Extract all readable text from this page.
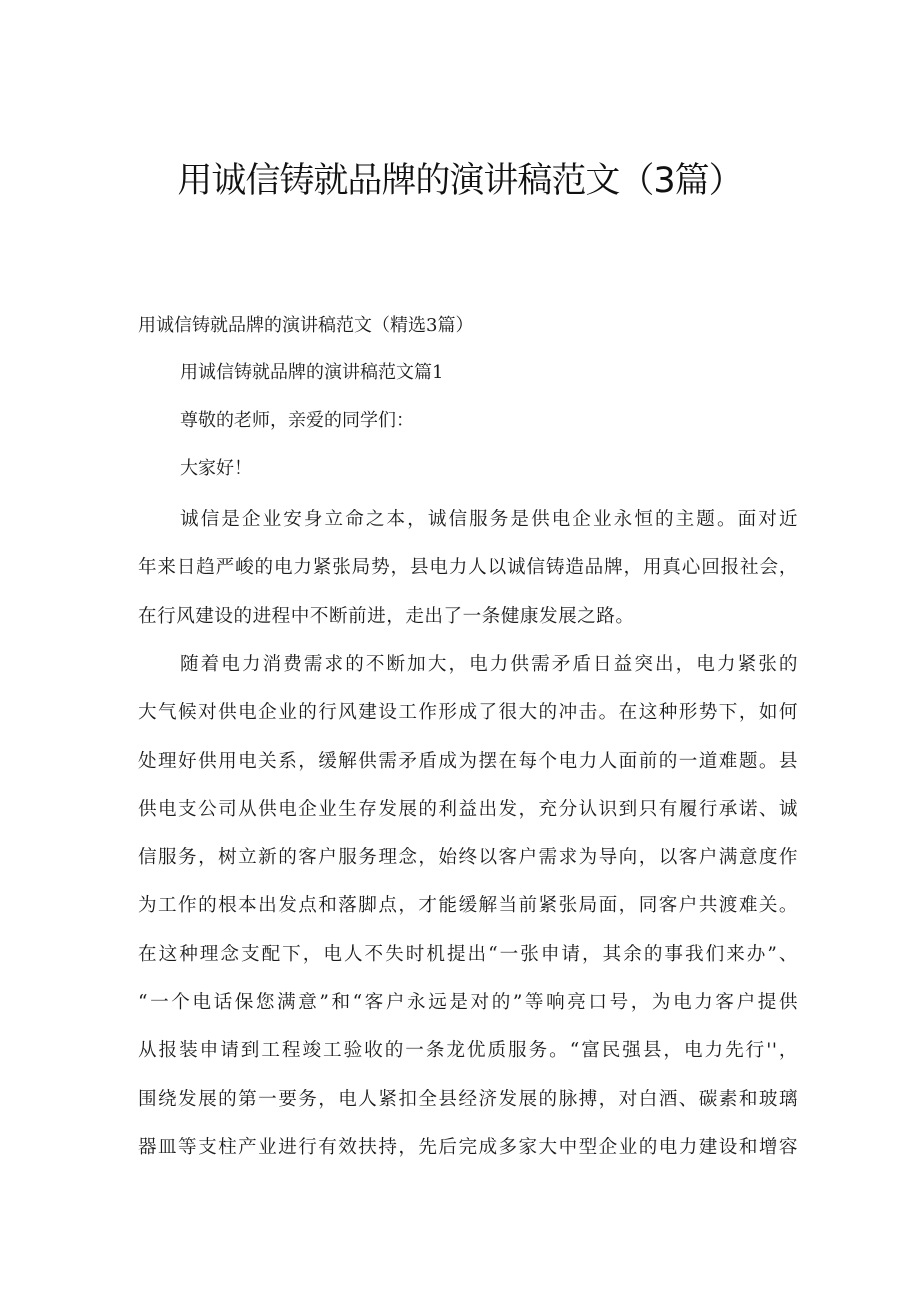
用诚信铸就品牌的演讲稿范文（3篇）

用诚信铸就品牌的演讲稿范文（精选3篇）

用诚信铸就品牌的演讲稿范文篇1

尊敬的老师，亲爱的同学们：

大家好！

诚信是企业安身立命之本，诚信服务是供电企业永恒的主题。面对近
年来日趋严峻的电力紧张局势，县电力人以诚信铸造品牌，用真心回报社会，
在行风建设的进程中不断前进，走出了一条健康发展之路。
随着电力消费需求的不断加大，电力供需矛盾日益突出，电力紧张的
大气候对供电企业的行风建设工作形成了很大的冲击。在这种形势下，如何
处理好供用电关系，缓解供需矛盾成为摆在每个电力人面前的一道难题。县
供电支公司从供电企业生存发展的利益出发，充分认识到只有履行承诺、诚
信服务，树立新的客户服务理念，始终以客户需求为导向，以客户满意度作
为工作的根本出发点和落脚点，才能缓解当前紧张局面，同客户共渡难关。
在这种理念支配下，电人不失时机提出“一张申请，其余的事我们来办”、
“一个电话保您满意”和“客户永远是对的”等响亮口号，为电力客户提供
从报装申请到工程竣工验收的一条龙优质服务。“富民强县，电力先行''，
围绕发展的第一要务，电人紧扣全县经济发展的脉搏，对白酒、碳素和玻璃
器皿等支柱产业进行有效扶持，先后完成多家大中型企业的电力建设和增容
